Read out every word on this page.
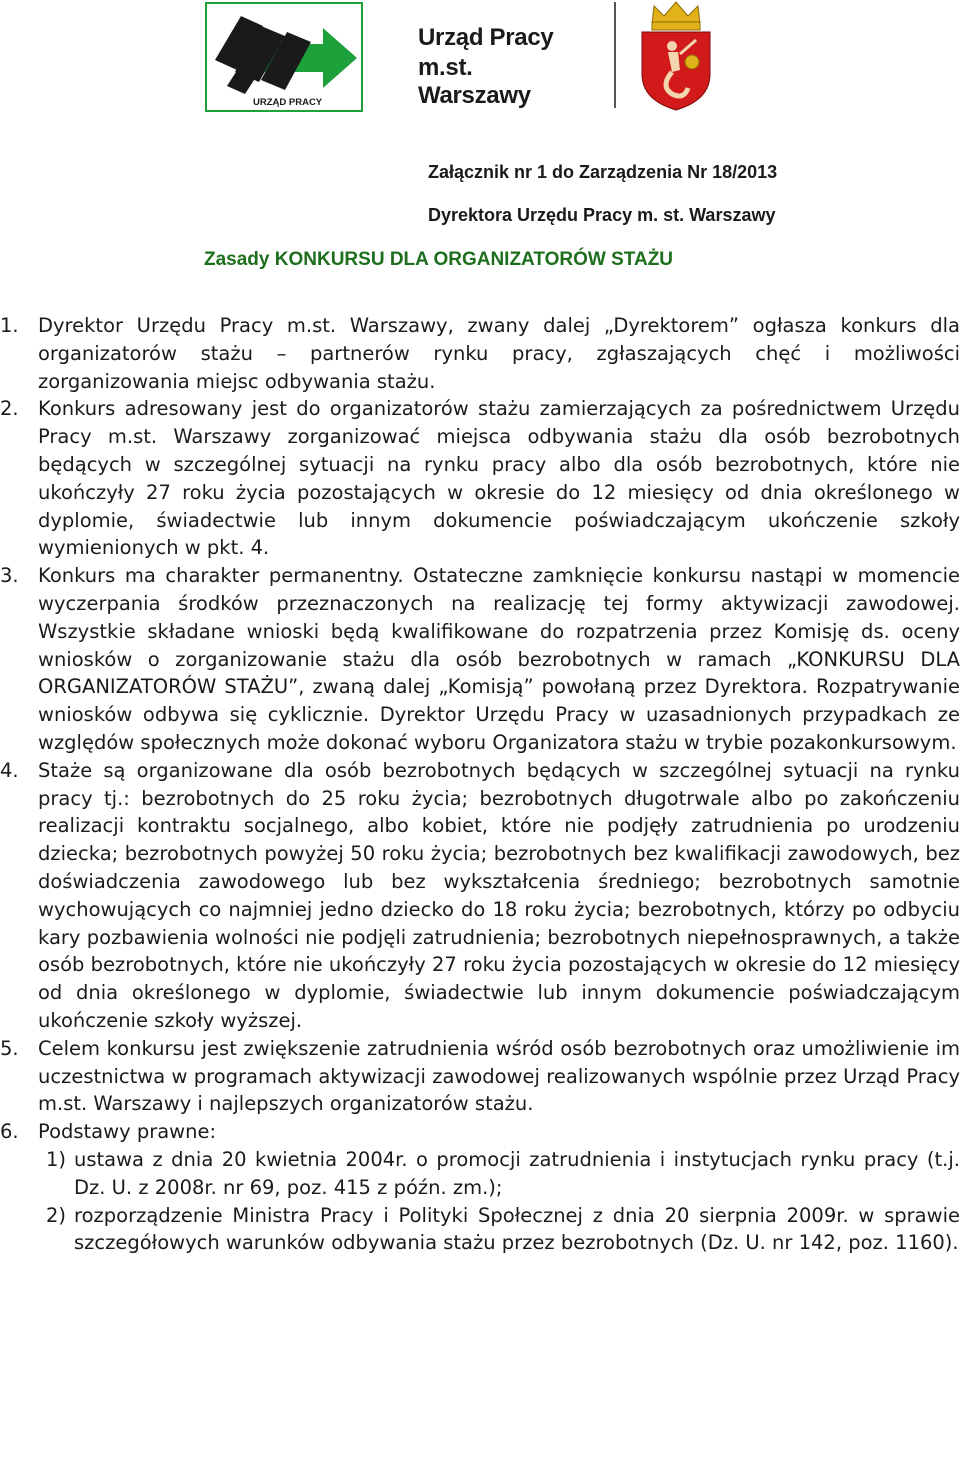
URZĄD PRACY
Urząd Pracy
m.st. Warszawy
Załącznik nr 1 do Zarządzenia Nr 18/2013
Dyrektora Urzędu Pracy m. st. Warszawy
Zasady KONKURSU DLA ORGANIZATORÓW STAŻU
1. Dyrektor Urzędu Pracy m.st. Warszawy, zwany dalej „Dyrektorem” ogłasza konkurs dla organizatorów stażu – partnerów rynku pracy, zgłaszających chęć i możliwości zorganizowania miejsc odbywania stażu.
2. Konkurs adresowany jest do organizatorów stażu zamierzających za pośrednictwem Urzędu Pracy m.st. Warszawy zorganizować miejsca odbywania stażu dla osób bezrobotnych będących w szczególnej sytuacji na rynku pracy albo dla osób bezrobotnych, które nie ukończyły 27 roku życia pozostających w okresie do 12 miesięcy od dnia określonego w dyplomie, świadectwie lub innym dokumencie poświadczającym ukończenie szkoły wymienionych w pkt. 4.
3. Konkurs ma charakter permanentny. Ostateczne zamknięcie konkursu nastąpi w momencie wyczerpania środków przeznaczonych na realizację tej formy aktywizacji zawodowej. Wszystkie składane wnioski będą kwalifikowane do rozpatrzenia przez Komisję ds. oceny wniosków o zorganizowanie stażu dla osób bezrobotnych w ramach „KONKURSU DLA ORGANIZATORÓW STAŻU”, zwaną dalej „Komisją” powołaną przez Dyrektora. Rozpatrywanie wniosków odbywa się cyklicznie. Dyrektor Urzędu Pracy w uzasadnionych przypadkach ze względów społecznych może dokonać wyboru Organizatora stażu w trybie pozakonkursowym.
4. Staże są organizowane dla osób bezrobotnych będących w szczególnej sytuacji na rynku pracy tj.: bezrobotnych do 25 roku życia; bezrobotnych długotrwale albo po zakończeniu realizacji kontraktu socjalnego, albo kobiet, które nie podjęły zatrudnienia po urodzeniu dziecka; bezrobotnych powyżej 50 roku życia; bezrobotnych bez kwalifikacji zawodowych, bez doświadczenia zawodowego lub bez wykształcenia średniego; bezrobotnych samotnie wychowujących co najmniej jedno dziecko do 18 roku życia; bezrobotnych, którzy po odbyciu kary pozbawienia wolności nie podjęli zatrudnienia; bezrobotnych niepełnosprawnych, a także osób bezrobotnych, które nie ukończyły 27 roku życia pozostających w okresie do 12 miesięcy od dnia określonego w dyplomie, świadectwie lub innym dokumencie poświadczającym ukończenie szkoły wyższej.
5. Celem konkursu jest zwiększenie zatrudnienia wśród osób bezrobotnych oraz umożliwienie im uczestnictwa w programach aktywizacji zawodowej realizowanych wspólnie przez Urząd Pracy m.st. Warszawy i najlepszych organizatorów stażu.
6. Podstawy prawne:
1) ustawa z dnia 20 kwietnia 2004r. o promocji zatrudnienia i instytucjach rynku pracy (t.j. Dz. U. z 2008r. nr 69, poz. 415 z późn. zm.);
2) rozporządzenie Ministra Pracy i Polityki Społecznej z dnia 20 sierpnia 2009r. w sprawie szczegółowych warunków odbywania stażu przez bezrobotnych (Dz. U. nr 142, poz. 1160).
